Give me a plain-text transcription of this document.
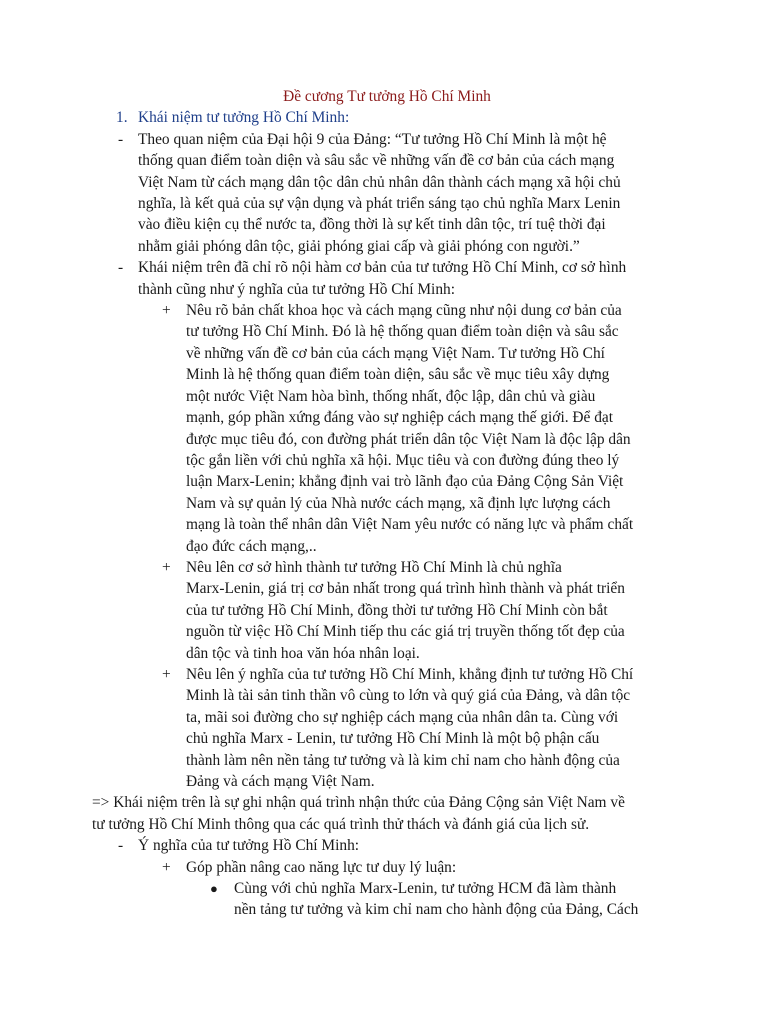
Đề cương Tư tưởng Hồ Chí Minh
1. Khái niệm tư tưởng Hồ Chí Minh:
- Theo quan niệm của Đại hội 9 của Đảng: “Tư tưởng Hồ Chí Minh là một hệ
thống quan điểm toàn diện và sâu sắc về những vấn đề cơ bản của cách mạng
Việt Nam từ cách mạng dân tộc dân chủ nhân dân thành cách mạng xã hội chủ
nghĩa, là kết quả của sự vận dụng và phát triển sáng tạo chủ nghĩa Marx Lenin
vào điều kiện cụ thể nước ta, đồng thời là sự kết tinh dân tộc, trí tuệ thời đại
nhằm giải phóng dân tộc, giải phóng giai cấp và giải phóng con người.”
- Khái niệm trên đã chỉ rõ nội hàm cơ bản của tư tưởng Hồ Chí Minh, cơ sở hình
thành cũng như ý nghĩa của tư tưởng Hồ Chí Minh:
+ Nêu rõ bản chất khoa học và cách mạng cũng như nội dung cơ bản của
tư tưởng Hồ Chí Minh. Đó là hệ thống quan điểm toàn diện và sâu sắc
về những vấn đề cơ bản của cách mạng Việt Nam. Tư tưởng Hồ Chí
Minh là hệ thống quan điểm toàn diện, sâu sắc về mục tiêu xây dựng
một nước Việt Nam hòa bình, thống nhất, độc lập, dân chủ và giàu
mạnh, góp phần xứng đáng vào sự nghiệp cách mạng thế giới. Để đạt
được mục tiêu đó, con đường phát triển dân tộc Việt Nam là độc lập dân
tộc gắn liền với chủ nghĩa xã hội. Mục tiêu và con đường đúng theo lý
luận Marx-Lenin; khẳng định vai trò lãnh đạo của Đảng Cộng Sản Việt
Nam và sự quản lý của Nhà nước cách mạng, xã định lực lượng cách
mạng là toàn thể nhân dân Việt Nam yêu nước có năng lực và phẩm chất
đạo đức cách mạng,..
+ Nêu lên cơ sở hình thành tư tưởng Hồ Chí Minh là chủ nghĩa
Marx-Lenin, giá trị cơ bản nhất trong quá trình hình thành và phát triển
của tư tưởng Hồ Chí Minh, đồng thời tư tưởng Hồ Chí Minh còn bắt
nguồn từ việc Hồ Chí Minh tiếp thu các giá trị truyền thống tốt đẹp của
dân tộc và tinh hoa văn hóa nhân loại.
+ Nêu lên ý nghĩa của tư tưởng Hồ Chí Minh, khẳng định tư tưởng Hồ Chí
Minh là tài sản tinh thần vô cùng to lớn và quý giá của Đảng, và dân tộc
ta, mãi soi đường cho sự nghiệp cách mạng của nhân dân ta. Cùng với
chủ nghĩa Marx - Lenin, tư tưởng Hồ Chí Minh là một bộ phận cấu
thành làm nên nền tảng tư tưởng và là kim chỉ nam cho hành động của
Đảng và cách mạng Việt Nam.
=> Khái niệm trên là sự ghi nhận quá trình nhận thức của Đảng Cộng sản Việt Nam về
tư tưởng Hồ Chí Minh thông qua các quá trình thử thách và đánh giá của lịch sử.
- Ý nghĩa của tư tưởng Hồ Chí Minh:
+ Góp phần nâng cao năng lực tư duy lý luận:
●	Cùng với chủ nghĩa Marx-Lenin, tư tưởng HCM đã làm thành
nền tảng tư tưởng và kim chỉ nam cho hành động của Đảng, Cách
